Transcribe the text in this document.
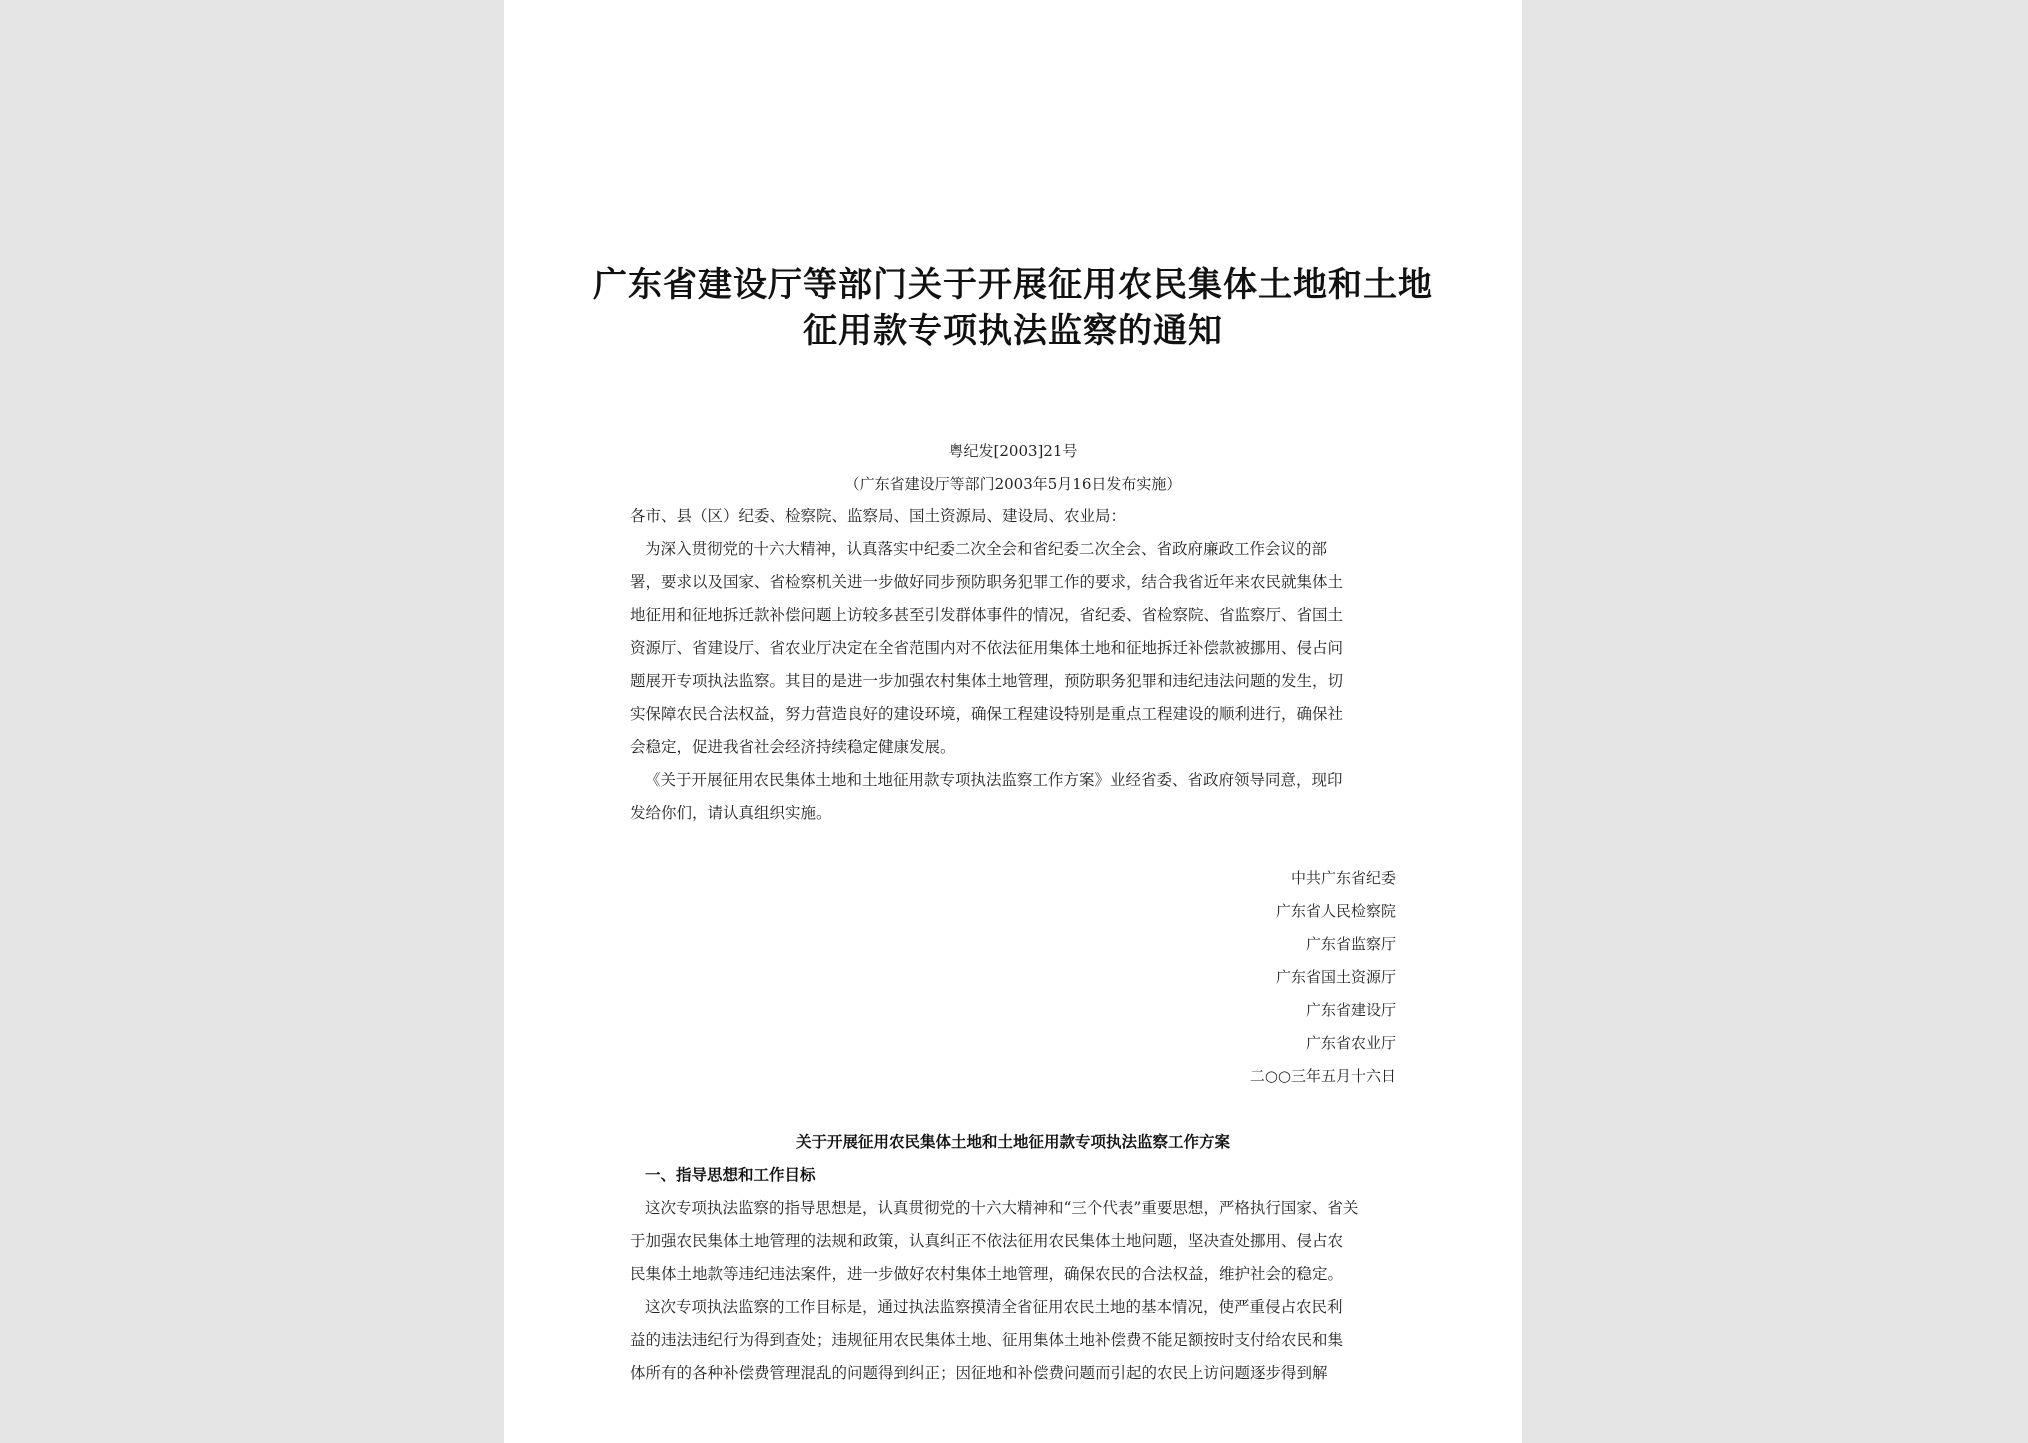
广东省建设厅等部门关于开展征用农民集体土地和土地
征用款专项执法监察的通知
粤纪发[2003]21号
（广东省建设厅等部门2003年5月16日发布实施）
各市、县（区）纪委、检察院、监察局、国土资源局、建设局、农业局：
为深入贯彻党的十六大精神，认真落实中纪委二次全会和省纪委二次全会、省政府廉政工作会议的部
署，要求以及国家、省检察机关进一步做好同步预防职务犯罪工作的要求，结合我省近年来农民就集体土
地征用和征地拆迁款补偿问题上访较多甚至引发群体事件的情况，省纪委、省检察院、省监察厅、省国土
资源厅、省建设厅、省农业厅决定在全省范围内对不依法征用集体土地和征地拆迁补偿款被挪用、侵占问
题展开专项执法监察。其目的是进一步加强农村集体土地管理，预防职务犯罪和违纪违法问题的发生，切
实保障农民合法权益，努力营造良好的建设环境，确保工程建设特别是重点工程建设的顺利进行，确保社
会稳定，促进我省社会经济持续稳定健康发展。
《关于开展征用农民集体土地和土地征用款专项执法监察工作方案》业经省委、省政府领导同意，现印
发给你们，请认真组织实施。
中共广东省纪委
广东省人民检察院
广东省监察厅
广东省国土资源厅
广东省建设厅
广东省农业厅
二○○三年五月十六日
关于开展征用农民集体土地和土地征用款专项执法监察工作方案
一、指导思想和工作目标
这次专项执法监察的指导思想是，认真贯彻党的十六大精神和“三个代表”重要思想，严格执行国家、省关
于加强农民集体土地管理的法规和政策，认真纠正不依法征用农民集体土地问题，坚决查处挪用、侵占农
民集体土地款等违纪违法案件，进一步做好农村集体土地管理，确保农民的合法权益，维护社会的稳定。
这次专项执法监察的工作目标是，通过执法监察摸清全省征用农民土地的基本情况，使严重侵占农民利
益的违法违纪行为得到查处；违规征用农民集体土地、征用集体土地补偿费不能足额按时支付给农民和集
体所有的各种补偿费管理混乱的问题得到纠正；因征地和补偿费问题而引起的农民上访问题逐步得到解
